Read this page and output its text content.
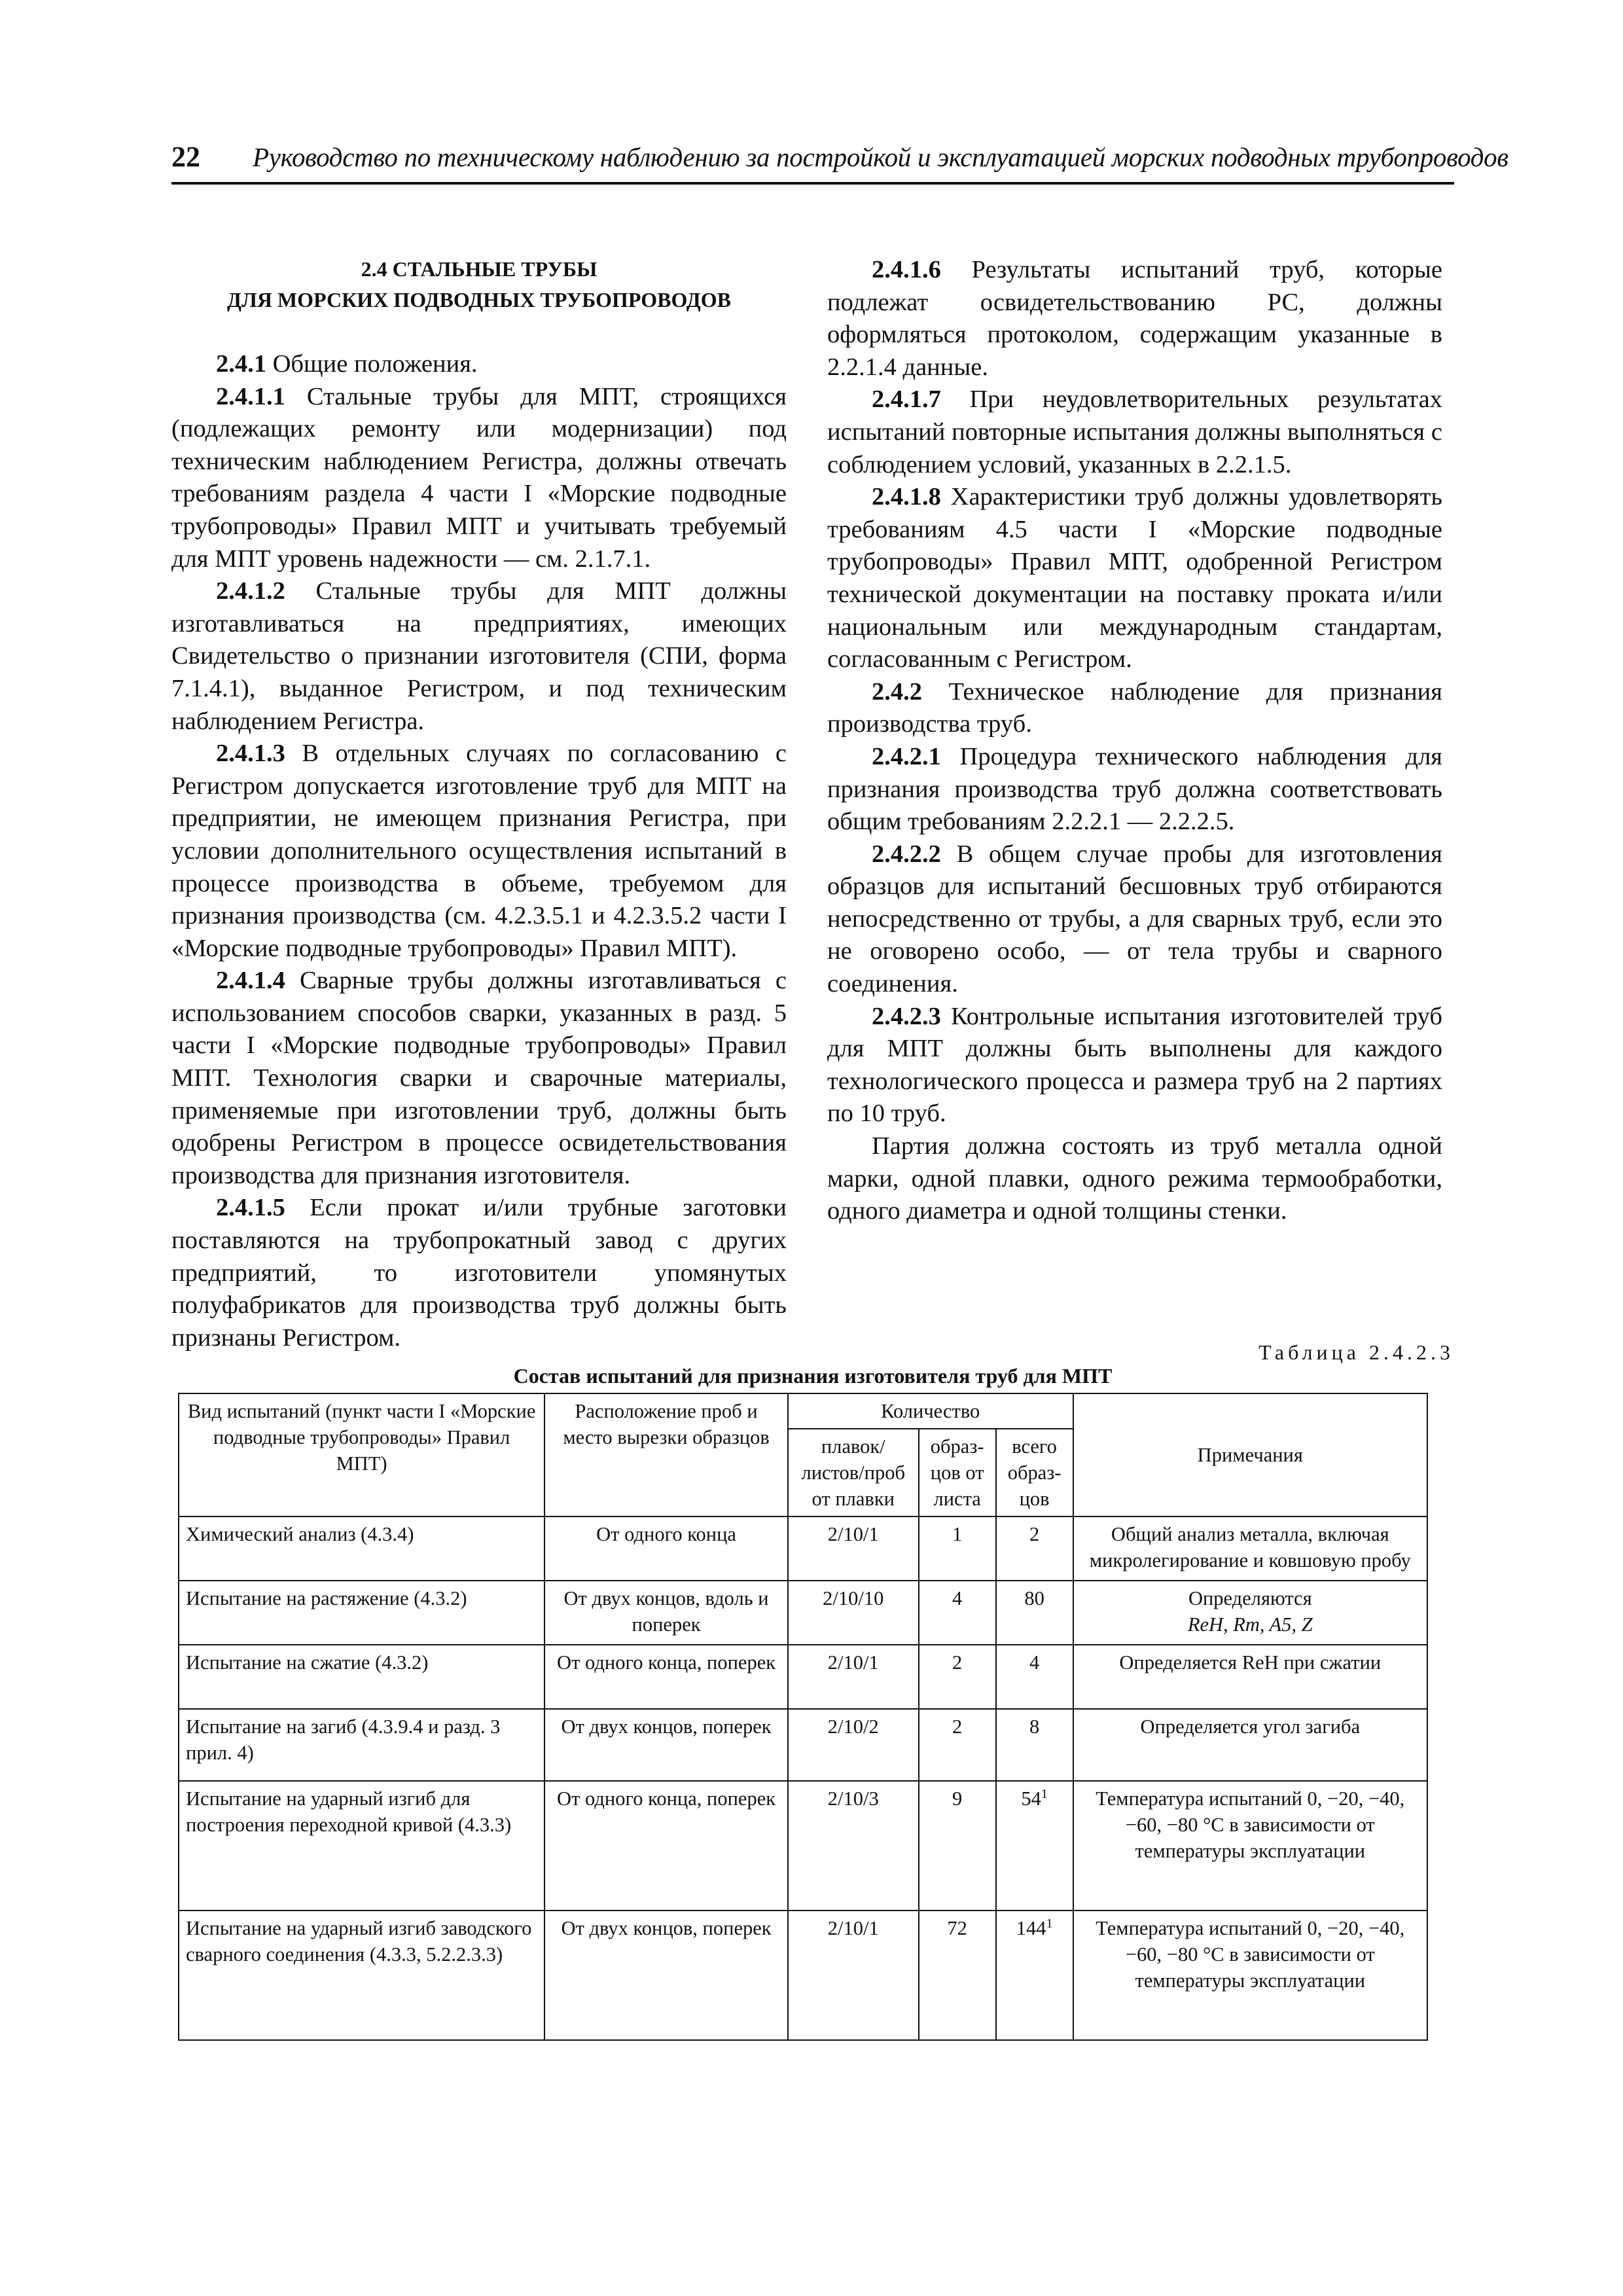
22 Руководство по техническому наблюдению за постройкой и эксплуатацией морских подводных трубопроводов

2.4 СТАЛЬНЫЕ ТРУБЫ
ДЛЯ МОРСКИХ ПОДВОДНЫХ ТРУБОПРОВОДОВ

2.4.1 Общие положения.

2.4.1.1 Стальные трубы для МПТ, строящихся (подлежащих ремонту или модернизации) под техническим наблюдением Регистра, должны отвечать требованиям раздела 4 части I «Морские подводные трубопроводы» Правил МПТ и учитывать требуемый для МПТ уровень надежности — см. 2.1.7.1.

2.4.1.2 Стальные трубы для МПТ должны изготавливаться на предприятиях, имеющих Свидетельство о признании изготовителя (СПИ, форма 7.1.4.1), выданное Регистром, и под техническим наблюдением Регистра.

2.4.1.3 В отдельных случаях по согласованию с Регистром допускается изготовление труб для МПТ на предприятии, не имеющем признания Регистра, при условии дополнительного осуществления испытаний в процессе производства в объеме, требуемом для признания производства (см. 4.2.3.5.1 и 4.2.3.5.2 части I «Морские подводные трубопроводы» Правил МПТ).

2.4.1.4 Сварные трубы должны изготавливаться с использованием способов сварки, указанных в разд. 5 части I «Морские подводные трубопроводы» Правил МПТ. Технология сварки и сварочные материалы, применяемые при изготовлении труб, должны быть одобрены Регистром в процессе освидетельствования производства для признания изготовителя.

2.4.1.5 Если прокат и/или трубные заготовки поставляются на трубопрокатный завод с других предприятий, то изготовители упомянутых полуфабрикатов для производства труб должны быть признаны Регистром.

2.4.1.6 Результаты испытаний труб, которые подлежат освидетельствованию РС, должны оформляться протоколом, содержащим указанные в 2.2.1.4 данные.

2.4.1.7 При неудовлетворительных результатах испытаний повторные испытания должны выполняться с соблюдением условий, указанных в 2.2.1.5.

2.4.1.8 Характеристики труб должны удовлетворять требованиям 4.5 части I «Морские подводные трубопроводы» Правил МПТ, одобренной Регистром технической документации на поставку проката и/или национальным или международным стандартам, согласованным с Регистром.

2.4.2 Техническое наблюдение для признания производства труб.

2.4.2.1 Процедура технического наблюдения для признания производства труб должна соответствовать общим требованиям 2.2.2.1 — 2.2.2.5.

2.4.2.2 В общем случае пробы для изготовления образцов для испытаний бесшовных труб отбираются непосредственно от трубы, а для сварных труб, если это не оговорено особо, — от тела трубы и сварного соединения.

2.4.2.3 Контрольные испытания изготовителей труб для МПТ должны быть выполнены для каждого технологического процесса и размера труб на 2 партиях по 10 труб.

Партия должна состоять из труб металла одной марки, одной плавки, одного режима термообработки, одного диаметра и одной толщины стенки.

Таблица 2.4.2.3
Состав испытаний для признания изготовителя труб для МПТ
Вид испытаний (пункт части I «Морские подводные трубопроводы» Правил МПТ)	Расположение проб и место вырезки образцов	Количество			Примечания
		плавок/ листов/проб от плавки	образ- цов от листа	всего образ- цов	
Химический анализ (4.3.4)	От одного конца	2/10/1	1	2	Общий анализ металла, включая микролегирование и ковшовую пробу
Испытание на растяжение (4.3.2)	От двух концов, вдоль и поперек	2/10/10	4	80	Определяются
ReH, Rm, A5, Z
Испытание на сжатие (4.3.2)	От одного конца, поперек	2/10/1	2	4	Определяется ReH при сжатии
Испытание на загиб (4.3.9.4 и разд. 3 прил. 4)	От двух концов, поперек	2/10/2	2	8	Определяется угол загиба
Испытание на ударный изгиб для построения переходной кривой (4.3.3)	От одного конца, поперек	2/10/3	9	$54^1$	Температура испытаний 0, −20, −40, −60, −80 °С в зависимости от температуры эксплуатации
Испытание на ударный изгиб заводского сварного соединения (4.3.3, 5.2.2.3.3)	От двух концов, поперек	2/10/1	72	$144^1$	Температура испытаний 0, −20, −40, −60, −80 °С в зависимости от температуры эксплуатации
